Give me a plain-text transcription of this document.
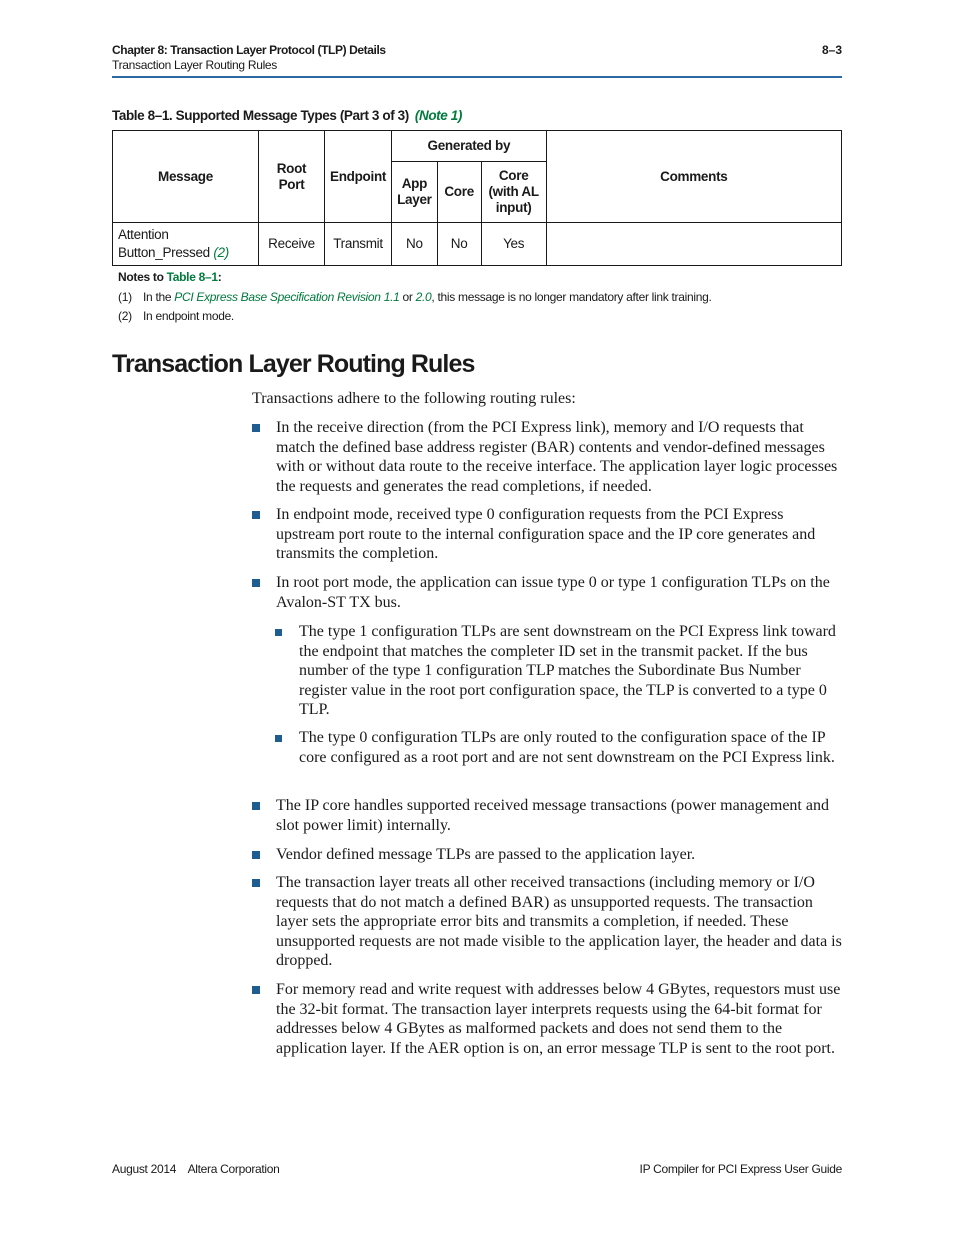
Chapter 8: Transaction Layer Protocol (TLP) Details
Transaction Layer Routing Rules
8–3
Table 8–1. Supported Message Types (Part 3 of 3) (Note 1)
Message	Root Port	Endpoint	Generated by			Comments
			App Layer	Core	Core (with AL input)	
Attention Button_Pressed (2)	Receive	Transmit	No	No	Yes	
Notes to Table 8–1:
(1) In the PCI Express Base Specification Revision 1.1 or 2.0, this message is no longer mandatory after link training.
(2) In endpoint mode.
Transaction Layer Routing Rules
Transactions adhere to the following routing rules:
In the receive direction (from the PCI Express link), memory and I/O requests that match the defined base address register (BAR) contents and vendor-defined messages with or without data route to the receive interface. The application layer logic processes the requests and generates the read completions, if needed.
In endpoint mode, received type 0 configuration requests from the PCI Express upstream port route to the internal configuration space and the IP core generates and transmits the completion.
In root port mode, the application can issue type 0 or type 1 configuration TLPs on the Avalon-ST TX bus.
The type 1 configuration TLPs are sent downstream on the PCI Express link toward the endpoint that matches the completer ID set in the transmit packet. If the bus number of the type 1 configuration TLP matches the Subordinate Bus Number register value in the root port configuration space, the TLP is converted to a type 0 TLP.
The type 0 configuration TLPs are only routed to the configuration space of the IP core configured as a root port and are not sent downstream on the PCI Express link.
The IP core handles supported received message transactions (power management and slot power limit) internally.
Vendor defined message TLPs are passed to the application layer.
The transaction layer treats all other received transactions (including memory or I/O requests that do not match a defined BAR) as unsupported requests. The transaction layer sets the appropriate error bits and transmits a completion, if needed. These unsupported requests are not made visible to the application layer, the header and data is dropped.
For memory read and write request with addresses below 4 GBytes, requestors must use the 32-bit format. The transaction layer interprets requests using the 64-bit format for addresses below 4 GBytes as malformed packets and does not send them to the application layer. If the AER option is on, an error message TLP is sent to the root port.
August 2014    Altera Corporation	IP Compiler for PCI Express User Guide
